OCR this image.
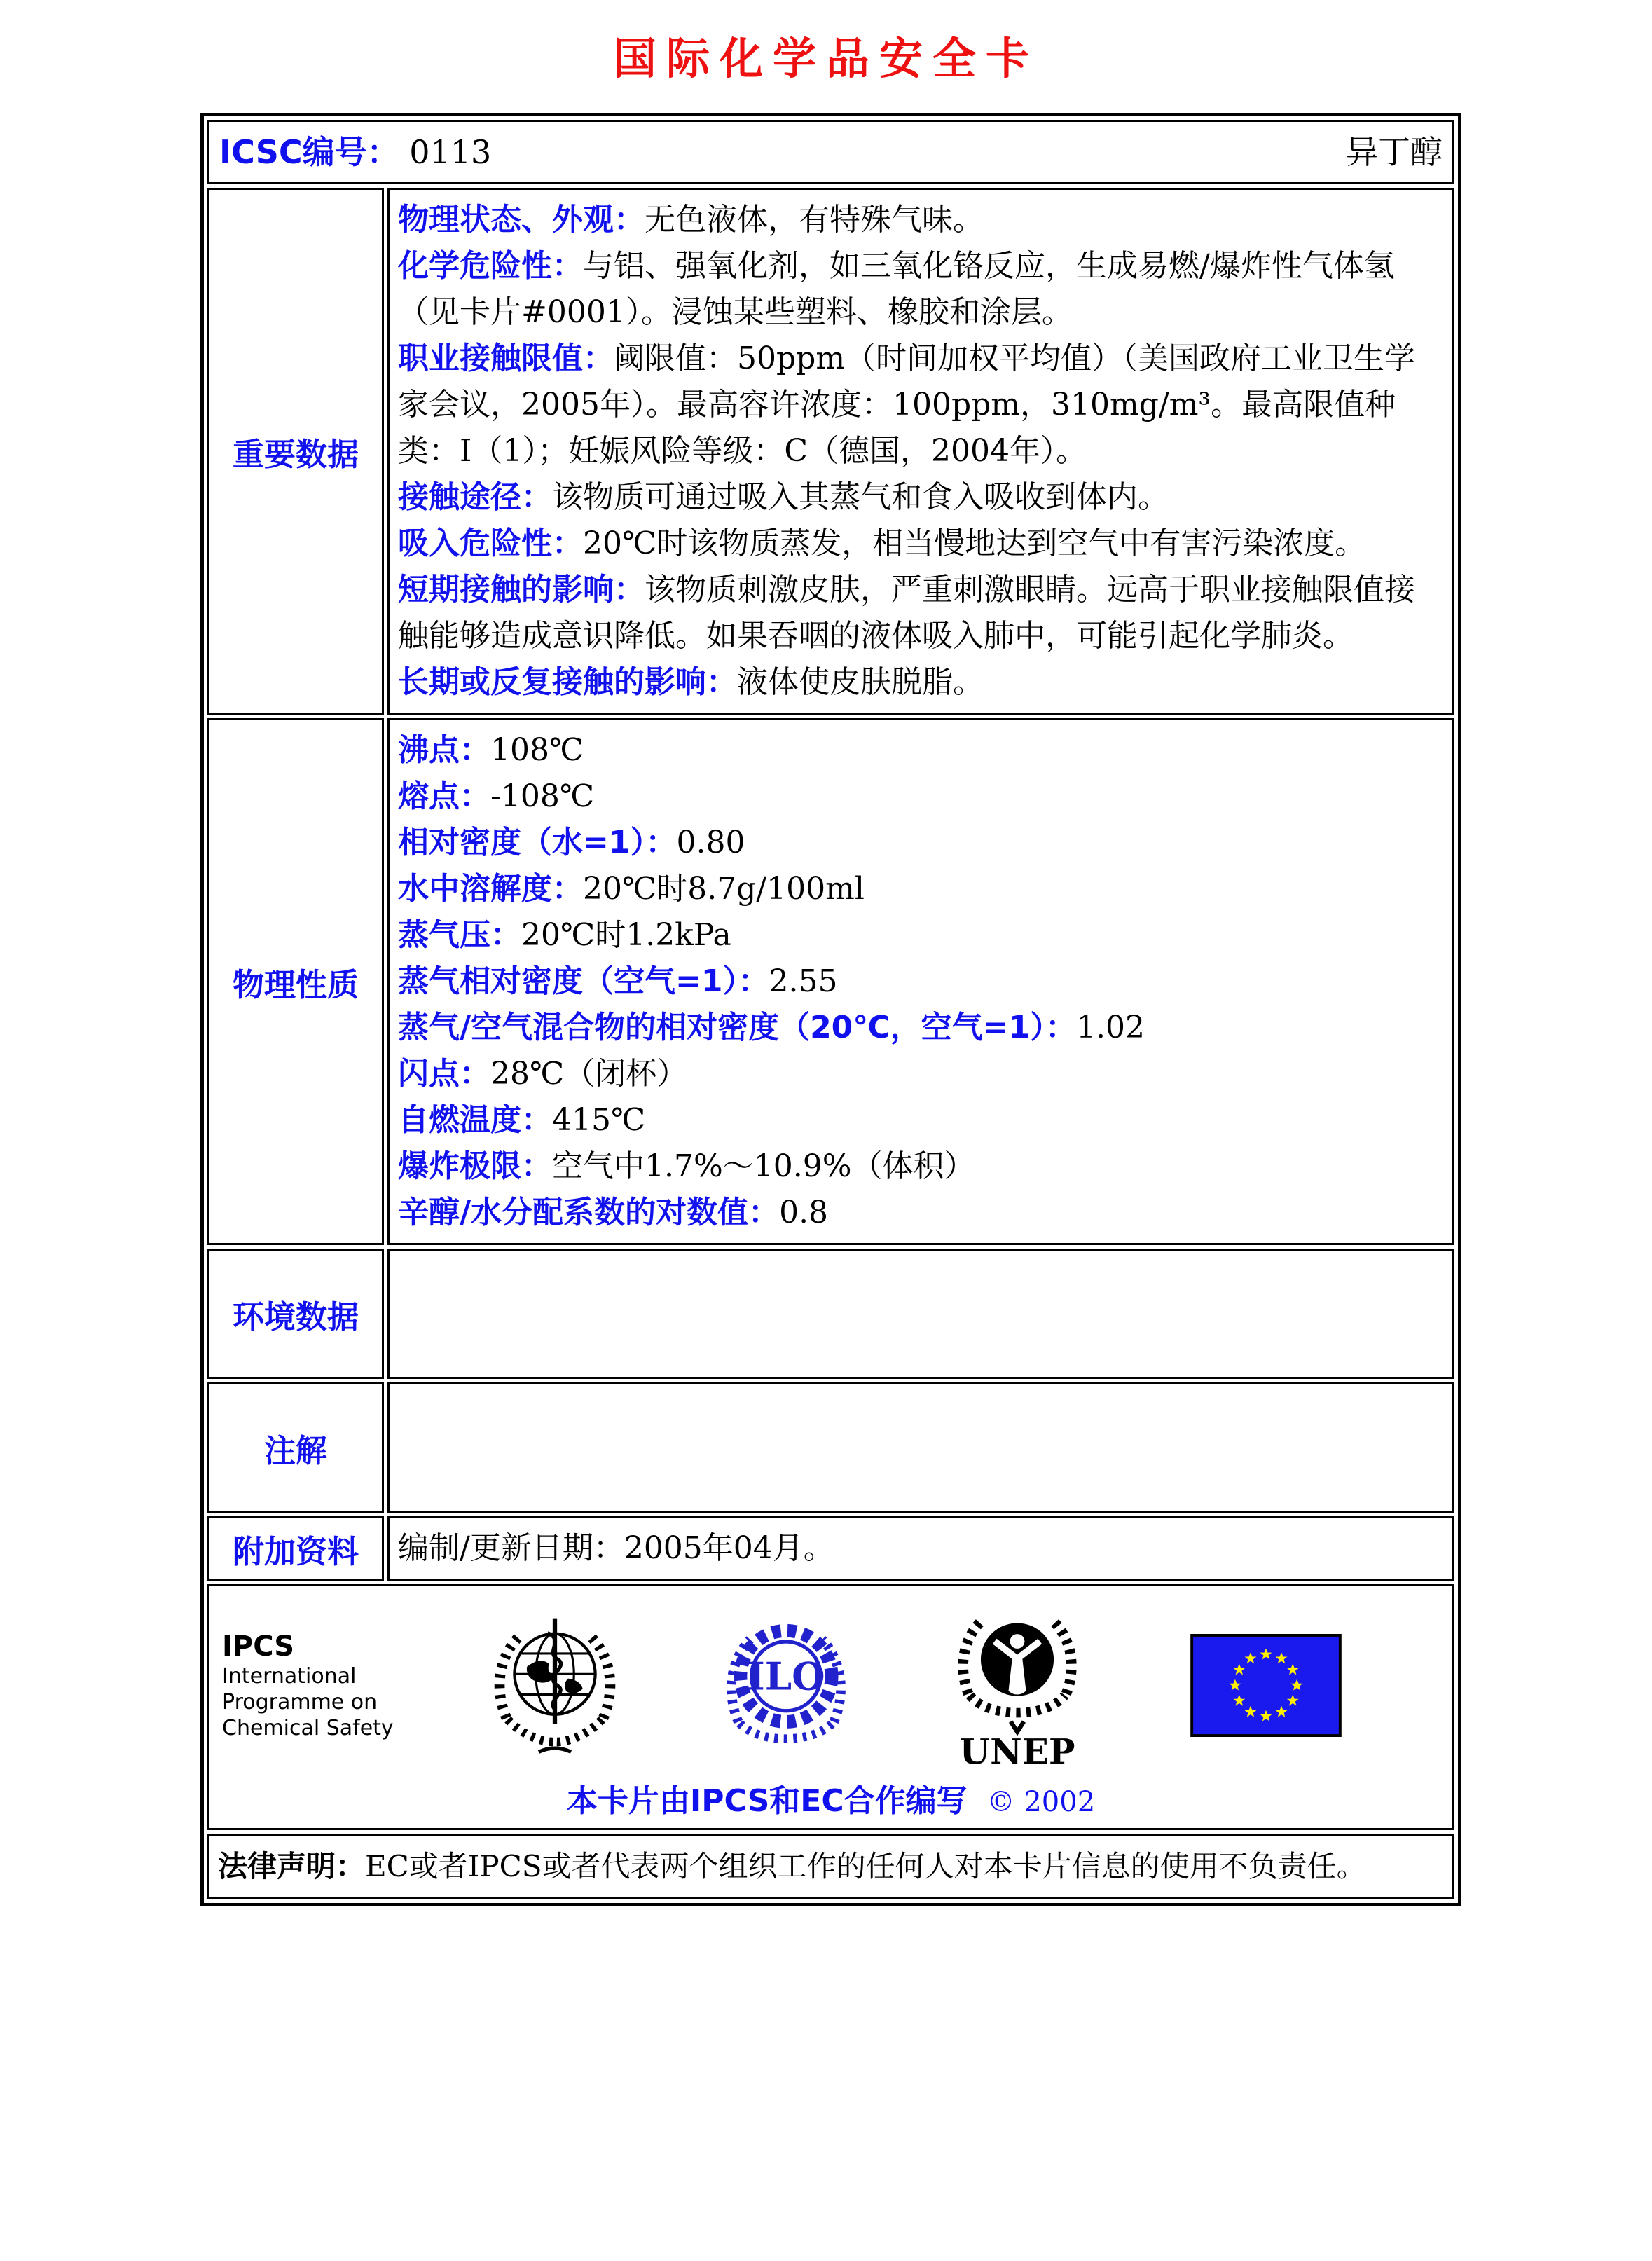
国际化学品安全卡
ICSC编号： 0113 异丁醇	

重要数据	
物理状态、外观：无色液体，有特殊气味。
化学危险性：与铝、强氧化剂，如三氧化铬反应，生成易燃/爆炸性气体氢（见卡片#0001）。浸蚀某些塑料、橡胶和涂层。
职业接触限值：阈限值：50ppm（时间加权平均值）（美国政府工业卫生学家会议，2005年）。最高容许浓度：100ppm，310mg/m³。最高限值种类：I（1）；妊娠风险等级：C（德国，2004年）。
接触途径：该物质可通过吸入其蒸气和食入吸收到体内。
吸入危险性：20℃时该物质蒸发，相当慢地达到空气中有害污染浓度。
短期接触的影响：该物质刺激皮肤，严重刺激眼睛。远高于职业接触限值接触能够造成意识降低。如果吞咽的液体吸入肺中，可能引起化学肺炎。
长期或反复接触的影响：液体使皮肤脱脂。

物理性质	
沸点：108℃
熔点：-108℃
相对密度（水=1）：0.80
水中溶解度：20℃时8.7g/100ml
蒸气压：20℃时1.2kPa
蒸气相对密度（空气=1）：2.55
蒸气/空气混合物的相对密度（20℃，空气=1）：1.02
闪点：28℃（闭杯）
自燃温度：415℃
爆炸极限：空气中1.7%～10.9%（体积）
辛醇/水分配系数的对数值：0.8

环境数据	
注解	
附加资料	编制/更新日期：2005年04月。

IPCS
International
Programme on
Chemical Safety
ILO
UNEP
本卡片由IPCS和EC合作编写 © 2002

法律声明：EC或者IPCS或者代表两个组织工作的任何人对本卡片信息的使用不负责任。	
